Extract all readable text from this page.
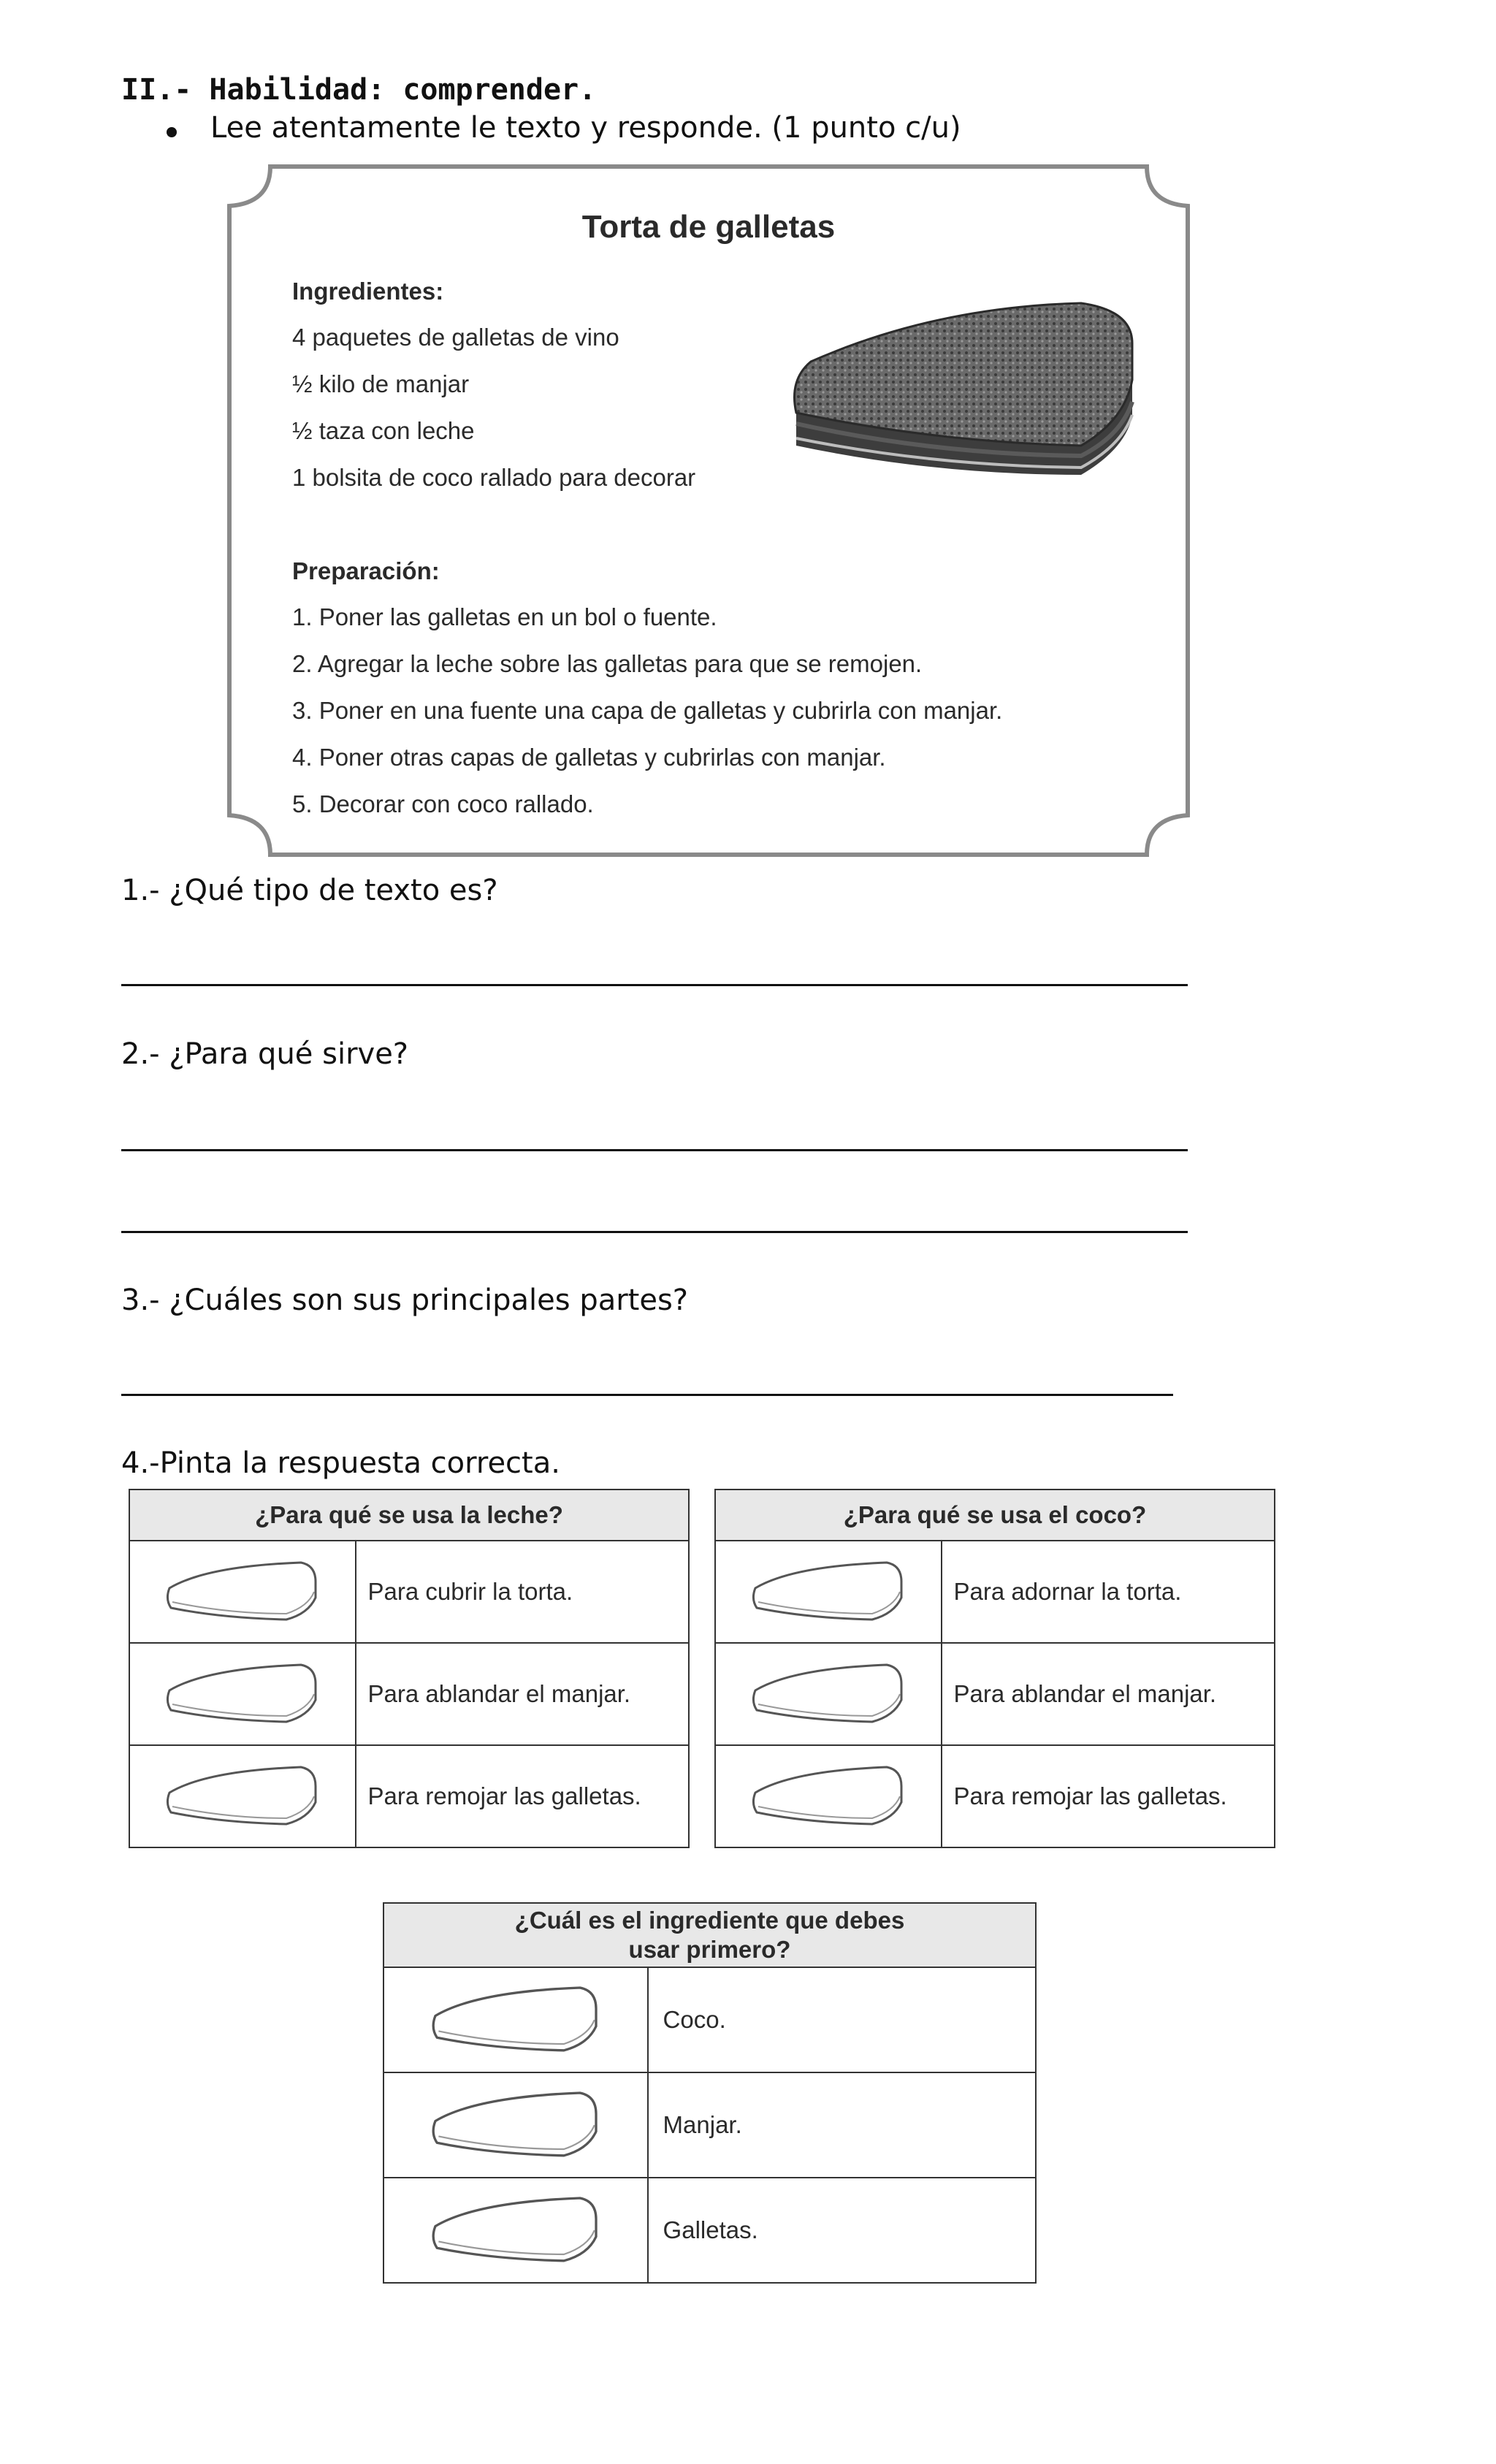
II.- Habilidad: comprender.
Lee atentamente le texto y responde. (1 punto c/u)
Torta de galletas
Ingredientes:
4 paquetes de galletas de vino
½ kilo de manjar
½ taza con leche
1 bolsita de coco rallado para decorar
Preparación:
1. Poner las galletas en un bol o fuente.
2. Agregar la leche sobre las galletas para que se remojen.
3. Poner en una fuente una capa de galletas y cubrirla con manjar.
4. Poner otras capas de galletas y cubrirlas con manjar.
5. Decorar con coco rallado.
1.- ¿Qué tipo de texto es?
2.- ¿Para qué sirve?
3.- ¿Cuáles son sus principales partes?
4.-Pinta la respuesta correcta.
¿Para qué se usa la leche?	

	Para cubrir la torta.

	Para ablandar el manjar.

	Para remojar las galletas.
¿Para qué se usa el coco?	

	Para adornar la torta.

	Para ablandar el manjar.

	Para remojar las galletas.
¿Cuál es el ingrediente que debes
usar primero?	

	Coco.

	Manjar.

	Galletas.
